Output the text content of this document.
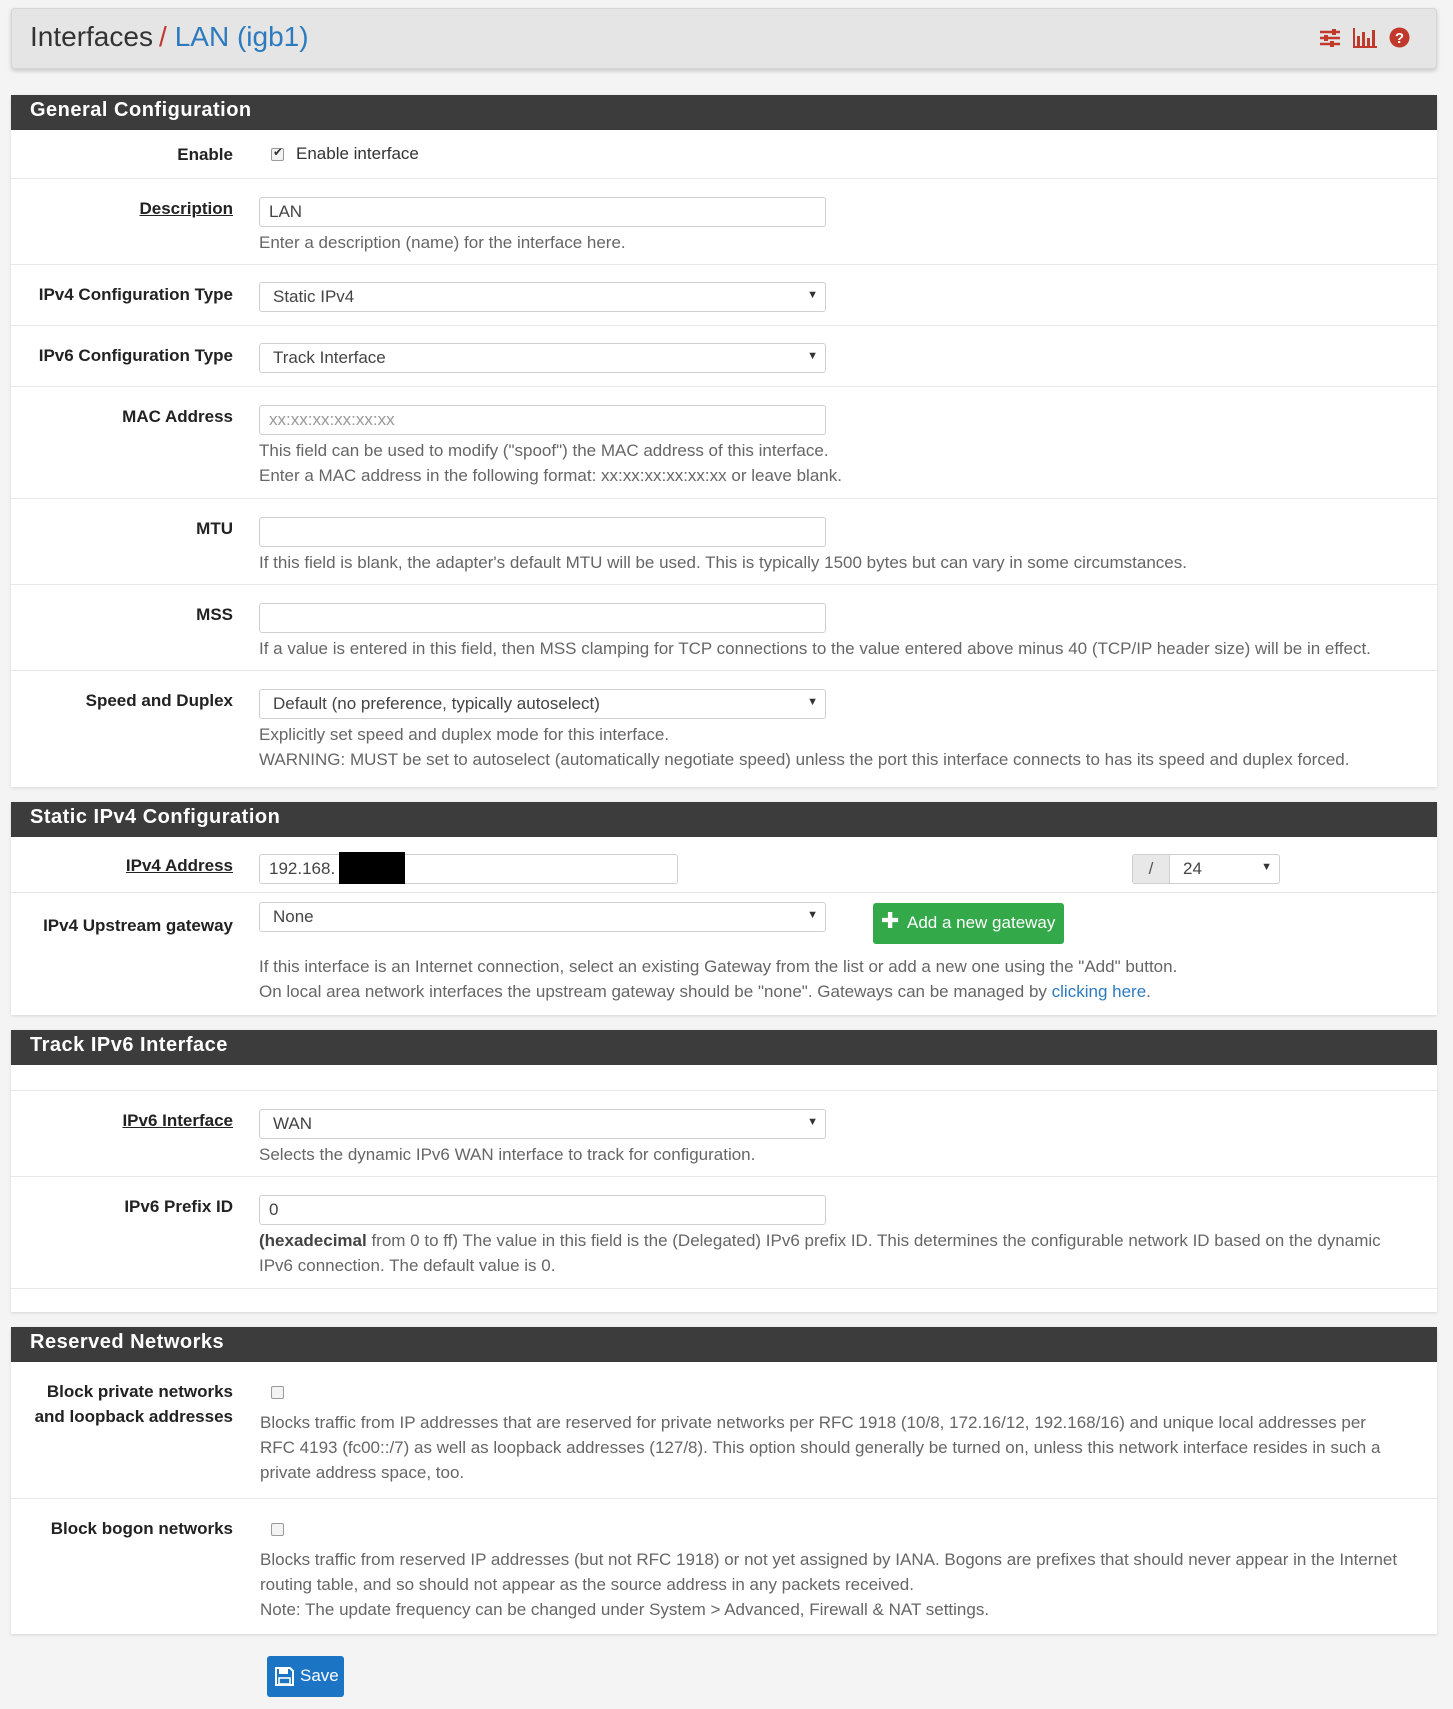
Interfaces / LAN (igb1)	?
General Configuration
Enable
✔	Enable interface
Description
LAN
Enter a description (name) for the interface here.
IPv4 Configuration Type	Static IPv4	▼
IPv6 Configuration Type	Track Interface	▼
MAC Address
xx:xx:xx:xx:xx:xx
This field can be used to modify ("spoof") the MAC address of this interface.
Enter a MAC address in the following format: xx:xx:xx:xx:xx:xx or leave blank.
MTU
If this field is blank, the adapter's default MTU will be used. This is typically 1500 bytes but can vary in some circumstances.
MSS
If a value is entered in this field, then MSS clamping for TCP connections to the value entered above minus 40 (TCP/IP header size) will be in effect.
Speed and Duplex	Default (no preference, typically autoselect)	▼
Explicitly set speed and duplex mode for this interface.
WARNING: MUST be set to autoselect (automatically negotiate speed) unless the port this interface connects to has its speed and duplex forced.
Static IPv4 Configuration
IPv4 Address
192.168.	/	24	▼
IPv4 Upstream gateway	None	▼	✚ Add a new gateway
If this interface is an Internet connection, select an existing Gateway from the list or add a new one using the "Add" button.
On local area network interfaces the upstream gateway should be "none". Gateways can be managed by clicking here.
Track IPv6 Interface
IPv6 Interface	WAN	▼
Selects the dynamic IPv6 WAN interface to track for configuration.
IPv6 Prefix ID
0
(hexadecimal from 0 to ff) The value in this field is the (Delegated) IPv6 prefix ID. This determines the configurable network ID based on the dynamic
IPv6 connection. The default value is 0.
Reserved Networks
Block private networks and loopback addresses Blocks traffic from IP addresses that are reserved for private networks per RFC 1918 (10/8, 172.16/12, 192.168/16) and unique local addresses per
RFC 4193 (fc00::/7) as well as loopback addresses (127/8). This option should generally be turned on, unless this network interface resides in such a
private address space, too.
Block bogon networks
Blocks traffic from reserved IP addresses (but not RFC 1918) or not yet assigned by IANA. Bogons are prefixes that should never appear in the Internet
routing table, and so should not appear as the source address in any packets received.
Note: The update frequency can be changed under System > Advanced, Firewall & NAT settings.
Save
